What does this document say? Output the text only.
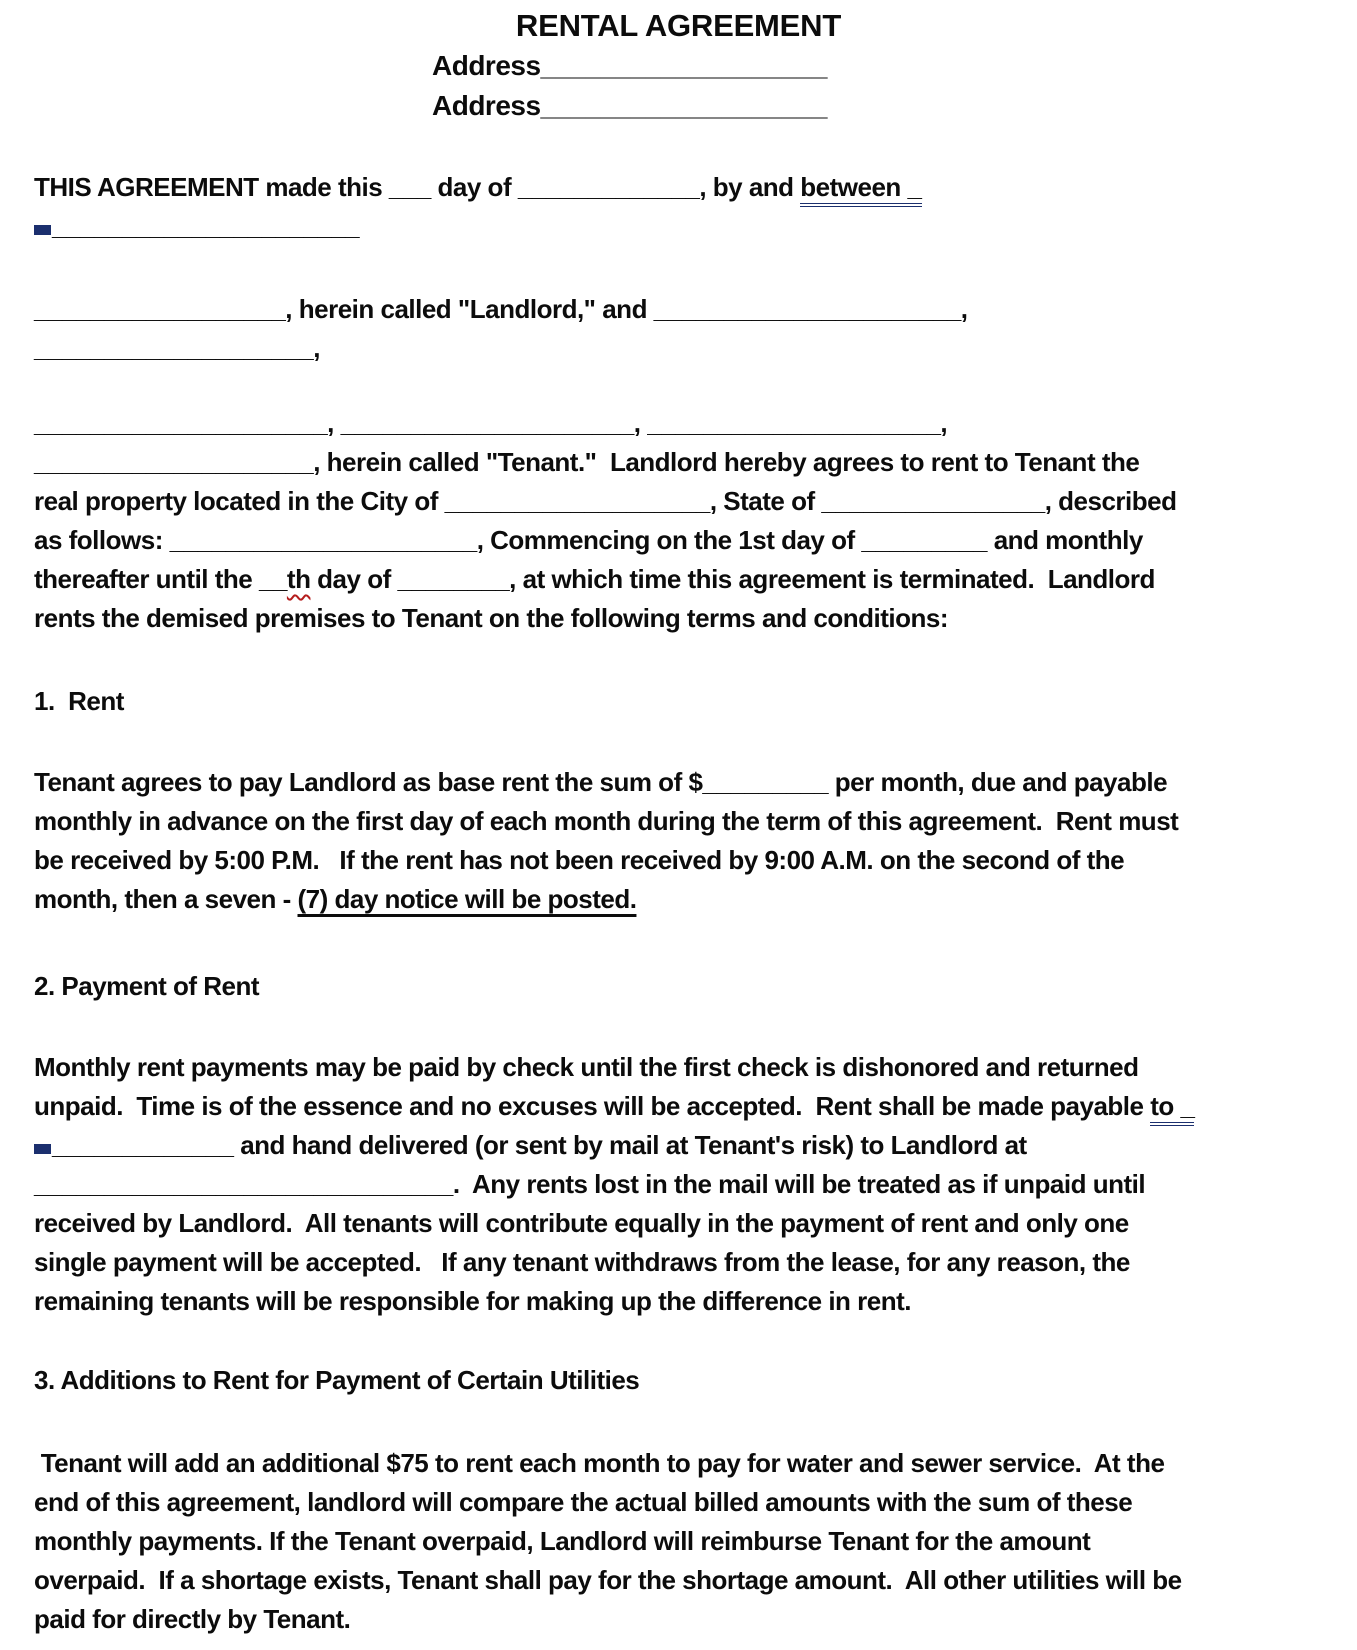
RENTAL AGREEMENT
Address___________________
Address___________________
THIS AGREEMENT made this ___ day of _____________, by and between _
______________________
__________________, herein called "Landlord," and ______________________,
____________________,
_____________________, _____________________, _____________________,
____________________, herein called "Tenant."  Landlord hereby agrees to rent to Tenant the
real property located in the City of ___________________, State of ________________, described
as follows: ______________________, Commencing on the 1st day of _________ and monthly
thereafter until the __th day of ________, at which time this agreement is terminated.  Landlord
rents the demised premises to Tenant on the following terms and conditions:
1.  Rent
Tenant agrees to pay Landlord as base rent the sum of $_________ per month, due and payable
monthly in advance on the first day of each month during the term of this agreement.  Rent must
be received by 5:00 P.M.   If the rent has not been received by 9:00 A.M. on the second of the
month, then a seven - (7) day notice will be posted.
2. Payment of Rent
Monthly rent payments may be paid by check until the first check is dishonored and returned
unpaid.  Time is of the essence and no excuses will be accepted.  Rent shall be made payable to _
_____________ and hand delivered (or sent by mail at Tenant's risk) to Landlord at
______________________________.  Any rents lost in the mail will be treated as if unpaid until
received by Landlord.  All tenants will contribute equally in the payment of rent and only one
single payment will be accepted.   If any tenant withdraws from the lease, for any reason, the
remaining tenants will be responsible for making up the difference in rent.
3. Additions to Rent for Payment of Certain Utilities
Tenant will add an additional $75 to rent each month to pay for water and sewer service.  At the
end of this agreement, landlord will compare the actual billed amounts with the sum of these
monthly payments. If the Tenant overpaid, Landlord will reimburse Tenant for the amount
overpaid.  If a shortage exists, Tenant shall pay for the shortage amount.  All other utilities will be
paid for directly by Tenant.
